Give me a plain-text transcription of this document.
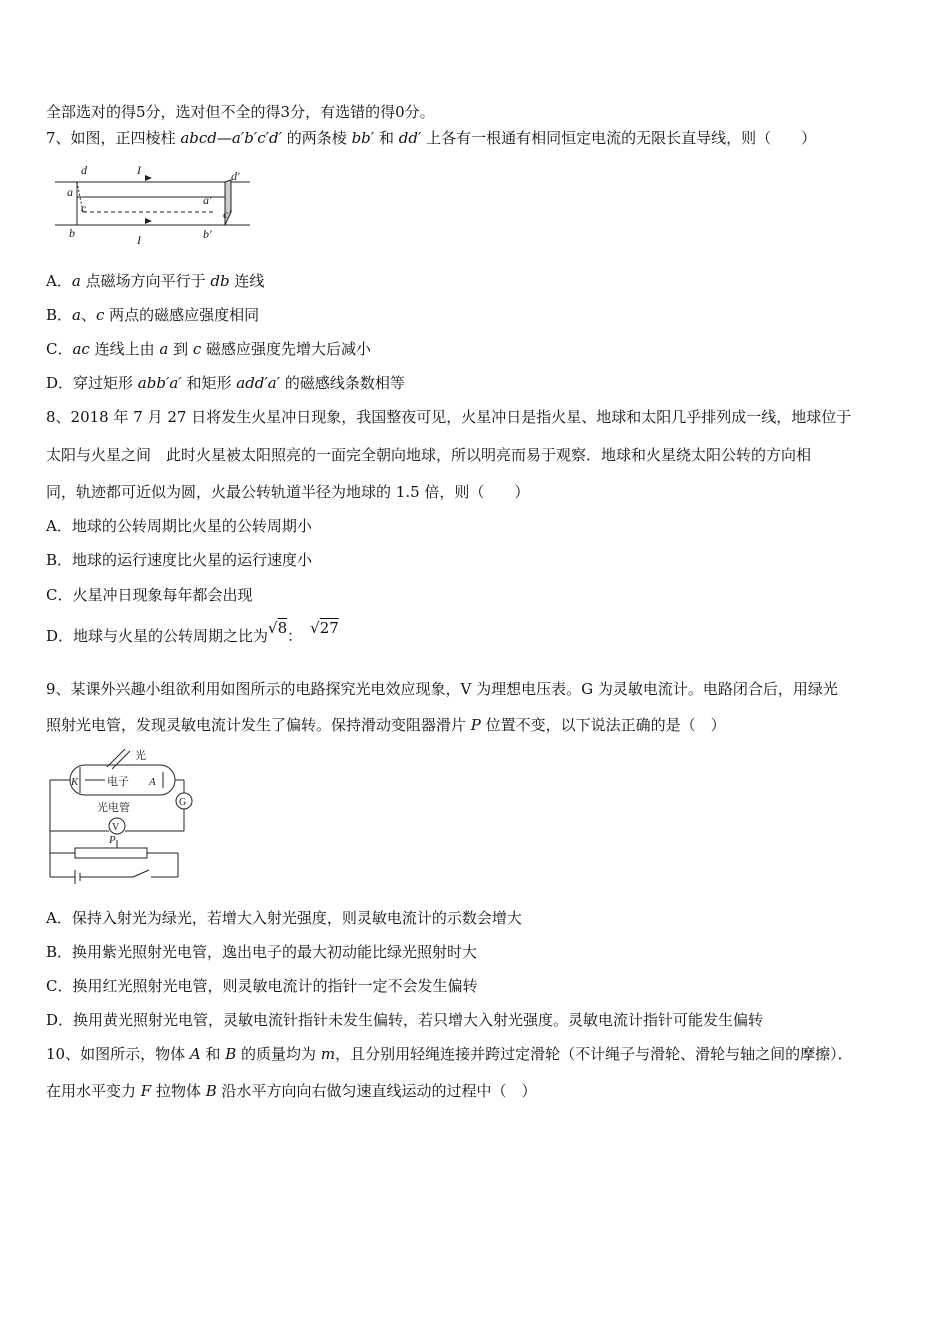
全部选对的得5分，选对但不全的得3分，有选错的得0分。
7、如图，正四棱柱 abcd—a′b′c′d′ 的两条棱 bb′ 和 dd′ 上各有一根通有相同恒定电流的无限长直导线，则（　　）
d
a
c
b
d′
a′
c′
b′
I
I
A．a 点磁场方向平行于 db 连线
B．a、c 两点的磁感应强度相同
C．ac 连线上由 a 到 c 磁感应强度先增大后减小
D．穿过矩形 abb′a′ 和矩形 add′a′ 的磁感线条数相等
8、2018 年 7 月 27 日将发生火星冲日现象，我国整夜可见，火星冲日是指火星、地球和太阳几乎排列成一线，地球位于
太阳与火星之间　此时火星被太阳照亮的一面完全朝向地球，所以明亮而易于观察．地球和火星绕太阳公转的方向相
同，轨迹都可近似为圆，火最公转轨道半径为地球的 1.5 倍，则（　　）
A．地球的公转周期比火星的公转周期小
B．地球的运行速度比火星的运行速度小
C．火星冲日现象每年都会出现
D．地球与火星的公转周期之比为√8： √27
9、某课外兴趣小组欲利用如图所示的电路探究光电效应现象，V 为理想电压表。G 为灵敏电流计。电路闭合后，用绿光
照射光电管，发现灵敏电流计发生了偏转。保持滑动变阻器滑片 P 位置不变，以下说法正确的是（　）
光
K	A
电子
光电管	G
V
P
A．保持入射光为绿光，若增大入射光强度，则灵敏电流计的示数会增大
B．换用紫光照射光电管，逸出电子的最大初动能比绿光照射时大
C．换用红光照射光电管，则灵敏电流计的指针一定不会发生偏转
D．换用黄光照射光电管，灵敏电流针指针未发生偏转，若只增大入射光强度。灵敏电流计指针可能发生偏转
10、如图所示，物体 A 和 B 的质量均为 m，且分别用轻绳连接并跨过定滑轮（不计绳子与滑轮、滑轮与轴之间的摩擦）．
在用水平变力 F 拉物体 B 沿水平方向向右做匀速直线运动的过程中（　）
